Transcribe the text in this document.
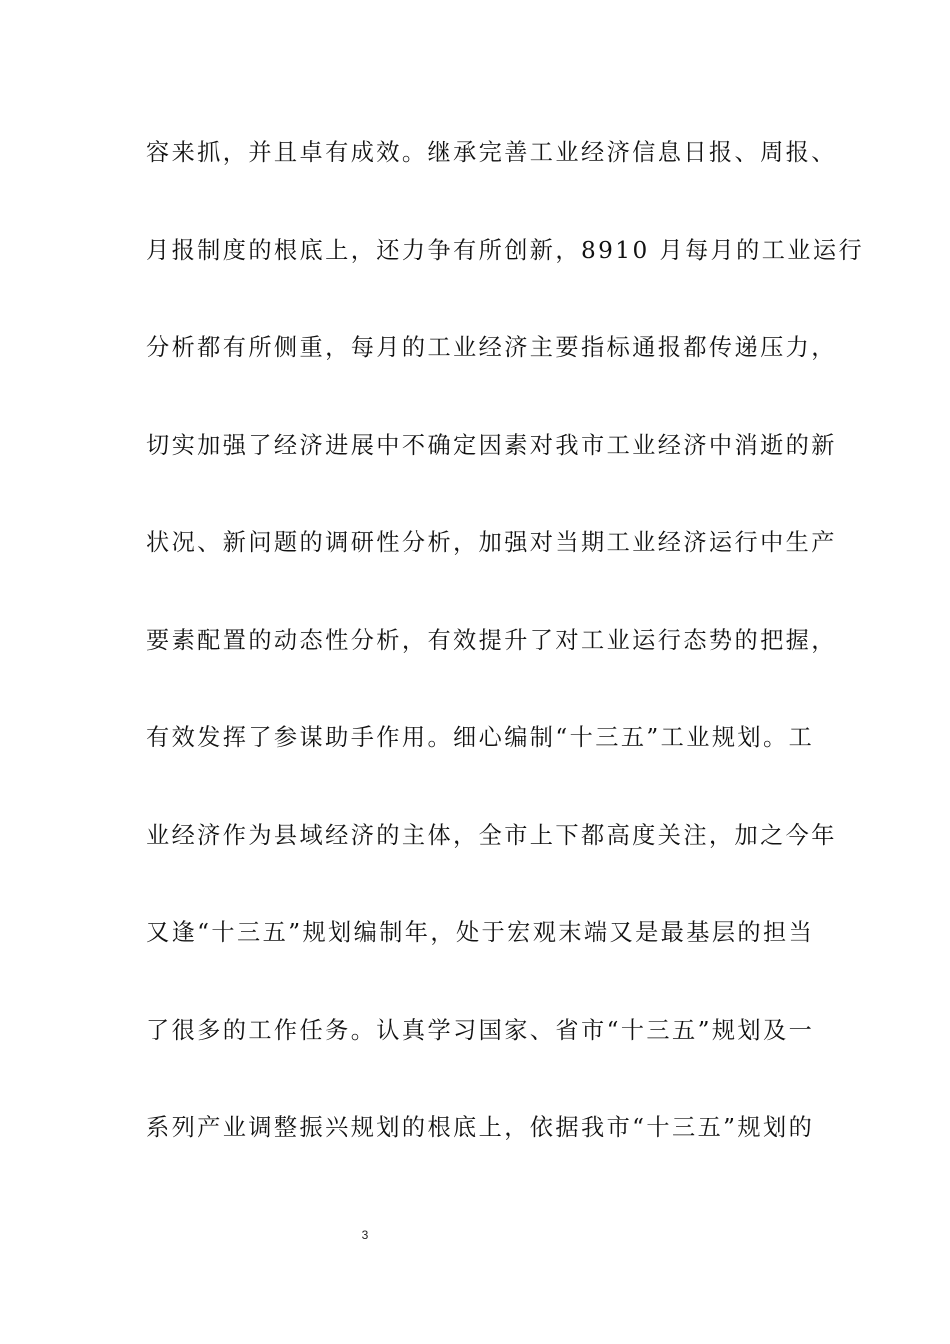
容来抓，并且卓有成效。继承完善工业经济信息日报、周报、
月报制度的根底上，还力争有所创新，8910 月每月的工业运行
分析都有所侧重，每月的工业经济主要指标通报都传递压力，
切实加强了经济进展中不确定因素对我市工业经济中消逝的新
状况、新问题的调研性分析，加强对当期工业经济运行中生产
要素配置的动态性分析，有效提升了对工业运行态势的把握，
有效发挥了参谋助手作用。细心编制“十三五”工业规划。工
业经济作为县域经济的主体，全市上下都高度关注，加之今年
又逢“十三五”规划编制年，处于宏观末端又是最基层的担当
了很多的工作任务。认真学习国家、省市“十三五”规划及一
系列产业调整振兴规划的根底上，依据我市“十三五”规划的
3
